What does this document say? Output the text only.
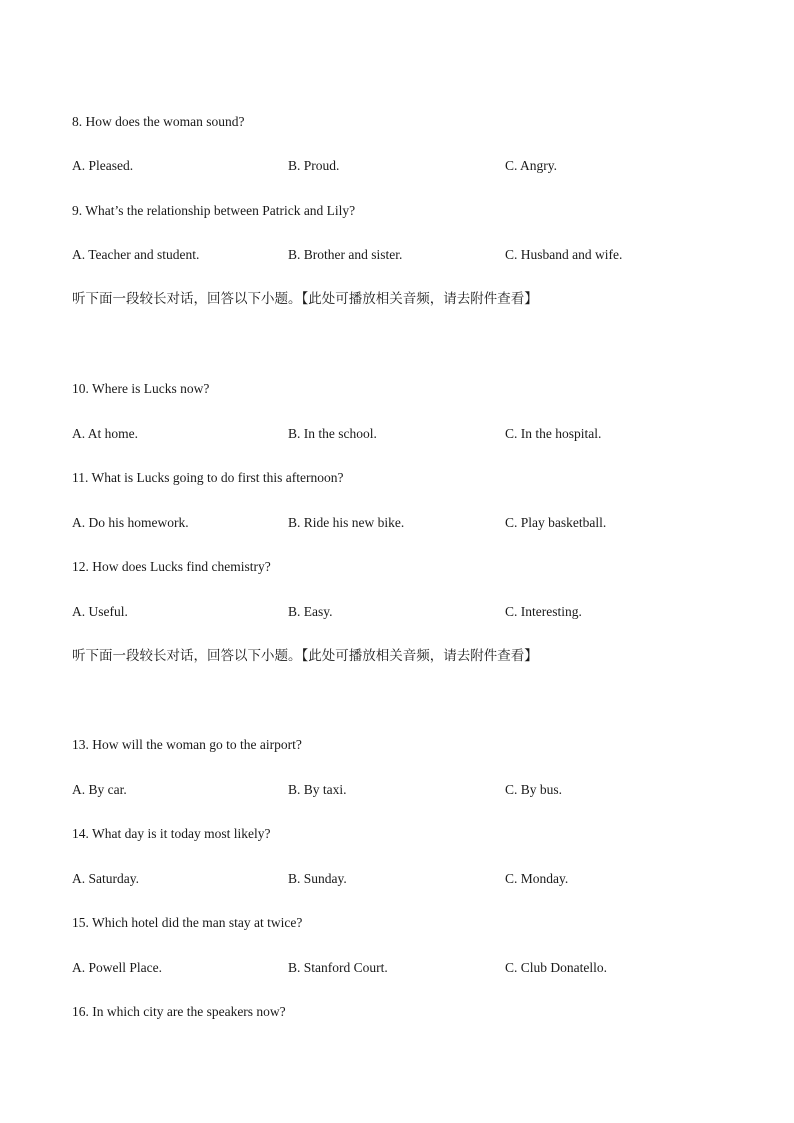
8. How does the woman sound?
A. Pleased.	B. Proud.	C. Angry.
9. What’s the relationship between Patrick and Lily?
A. Teacher and student.	B. Brother and sister.	C. Husband and wife.
听下面一段较长对话，回答以下小题。【此处可播放相关音频，请去附件查看】
10. Where is Lucks now?
A. At home.	B. In the school.	C. In the hospital.
11. What is Lucks going to do first this afternoon?
A. Do his homework.	B. Ride his new bike.	C. Play basketball.
12. How does Lucks find chemistry?
A. Useful.	B. Easy.	C. Interesting.
听下面一段较长对话，回答以下小题。【此处可播放相关音频，请去附件查看】
13. How will the woman go to the airport?
A. By car.	B. By taxi.	C. By bus.
14. What day is it today most likely?
A. Saturday.	B. Sunday.	C. Monday.
15. Which hotel did the man stay at twice?
A. Powell Place.	B. Stanford Court.	C. Club Donatello.
16. In which city are the speakers now?
